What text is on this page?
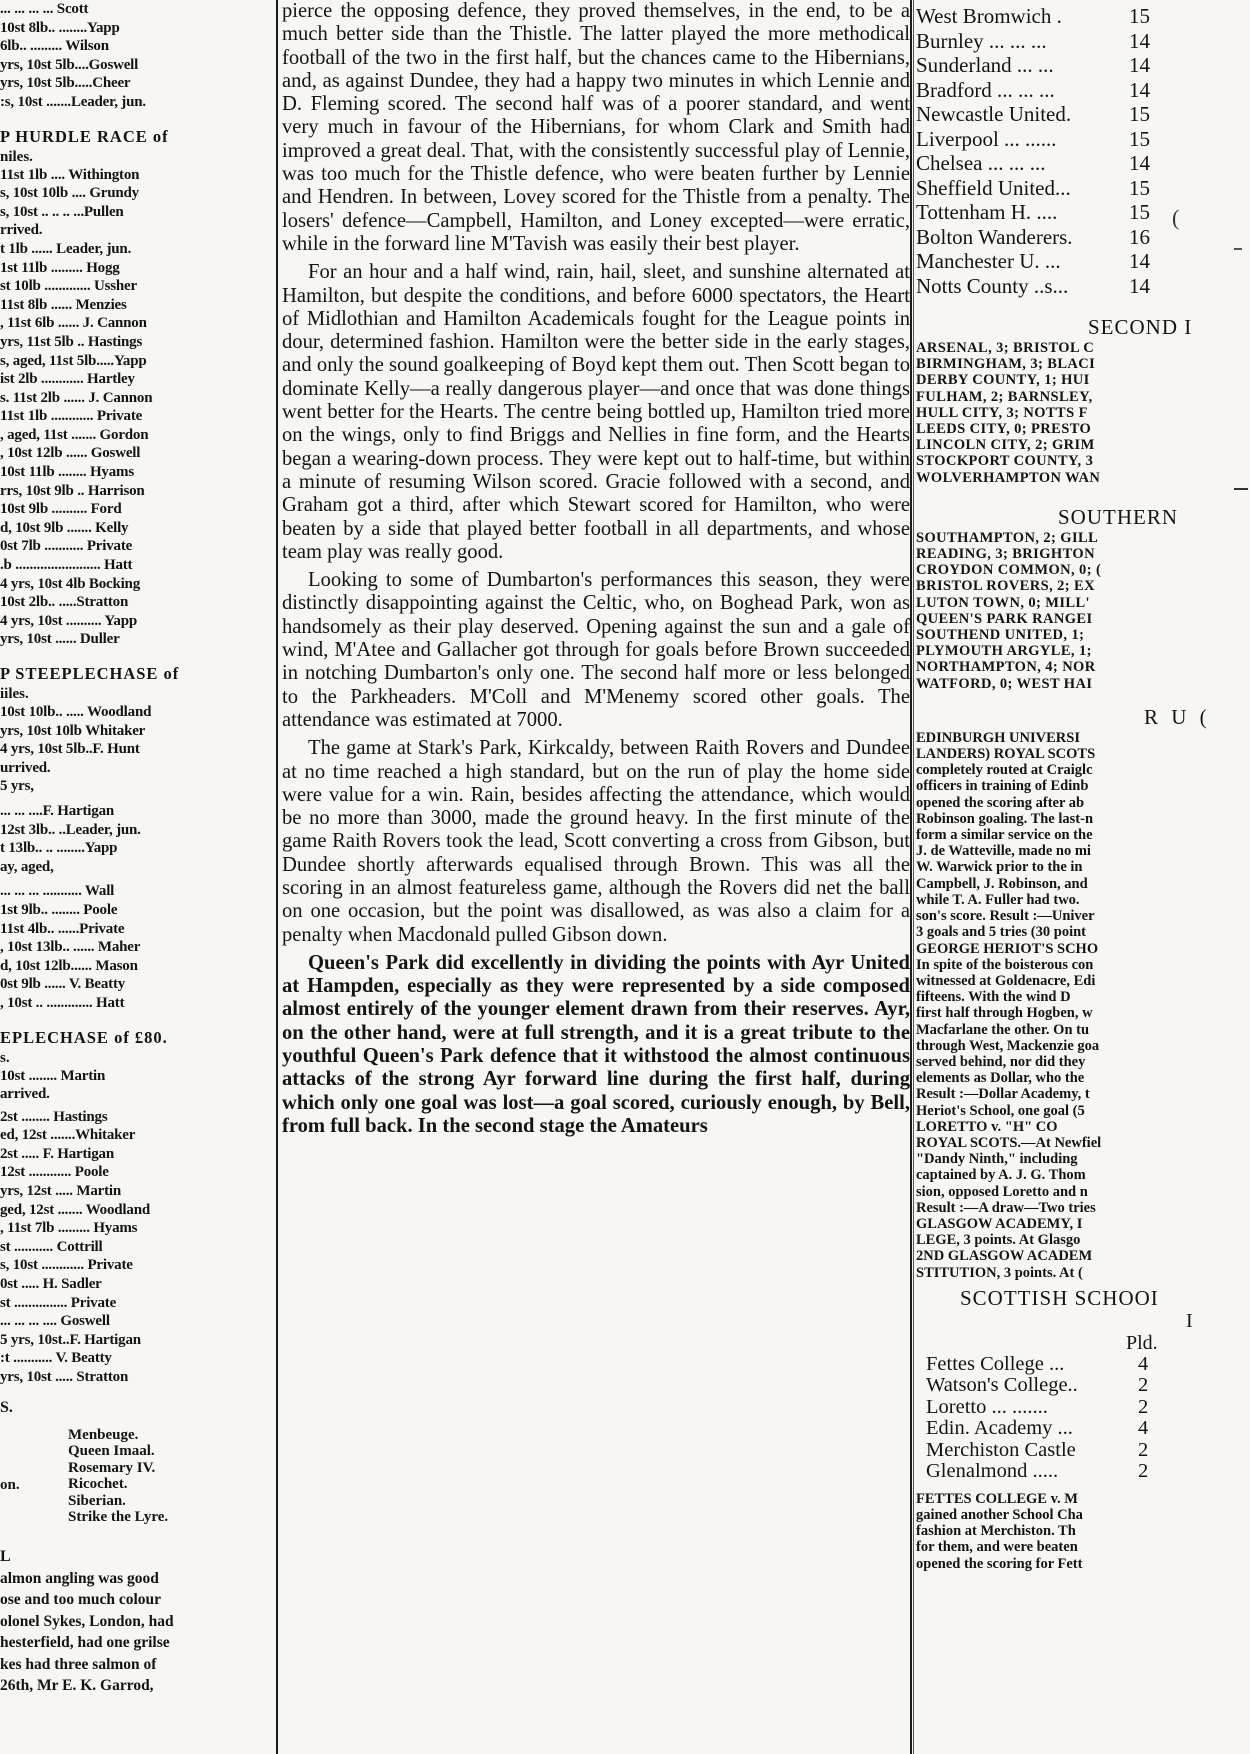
... ... ... ... Scott
10st 8lb.. ........Yapp
6lb.. ......... Wilson
yrs, 10st 5lb....Goswell
yrs, 10st 5lb.....Cheer
:s, 10st .......Leader, jun.
P HURDLE RACE of
niles.
11st 1lb .... Withington
s, 10st 10lb .... Grundy
s, 10st .. .. .. ...Pullen
rrived.
t 1lb ...... Leader, jun.
1st 11lb ......... Hogg
st 10lb ............. Ussher
11st 8lb ...... Menzies
, 11st 6lb ...... J. Cannon
yrs, 11st 5lb .. Hastings
s, aged, 11st 5lb.....Yapp
ist 2lb ............ Hartley
s. 11st 2lb ...... J. Cannon
11st 1lb ............ Private
, aged, 11st ....... Gordon
, 10st 12lb ...... Goswell
10st 11lb ........ Hyams
rrs, 10st 9lb .. Harrison
10st 9lb .......... Ford
d, 10st 9lb ....... Kelly
0st 7lb ........... Private
.b ........................ Hatt
4 yrs, 10st 4lb Bocking
10st 2lb.. .....Stratton
4 yrs, 10st .......... Yapp
yrs, 10st ...... Duller
P STEEPLECHASE of
iiles.
10st 10lb.. ..... Woodland
yrs, 10st 10lb Whitaker
4 yrs, 10st 5lb..F. Hunt
urrived.
5 yrs,
... ... ....F. Hartigan
12st 3lb.. ..Leader, jun.
t 13lb.. .. ........Yapp
ay, aged,
... ... ... ........... Wall
1st 9lb.. ........ Poole
11st 4lb.. ......Private
, 10st 13lb.. ...... Maher
d, 10st 12lb...... Mason
0st 9lb ...... V. Beatty
, 10st .. ............. Hatt
EPLECHASE of £80.
s.
10st ........ Martin
arrived.
2st ........ Hastings
ed, 12st .......Whitaker
2st ..... F. Hartigan
12st ............ Poole
yrs, 12st ..... Martin
ged, 12st ....... Woodland
, 11st 7lb ......... Hyams
st ........... Cottrill
s, 10st ............ Private
0st ..... H. Sadler
st ............... Private
... ... ... .... Goswell
5 yrs, 10st..F. Hartigan
:t ........... V. Beatty
yrs, 10st ..... Stratton
S.
Menbeuge.
Queen Imaal.
Rosemary IV.
Ricochet.
Siberian.
Strike the Lyre.
on.
L
almon angling was good
ose and too much colour
olonel Sykes, London, had
hesterfield, had one grilse
kes had three salmon of
26th, Mr E. K. Garrod,

pierce the opposing defence, they proved themselves, in the end, to be a much better side than the Thistle. The latter played the more methodical football of the two in the first half, but the chances came to the Hibernians, and, as against Dundee, they had a happy two minutes in which Lennie and D. Fleming scored. The second half was of a poorer standard, and went very much in favour of the Hibernians, for whom Clark and Smith had improved a great deal. That, with the consistently successful play of Lennie, was too much for the Thistle defence, who were beaten further by Lennie and Hendren. In between, Lovey scored for the Thistle from a penalty. The losers' defence—Campbell, Hamilton, and Loney excepted—were erratic, while in the forward line M'Tavish was easily their best player.

For an hour and a half wind, rain, hail, sleet, and sunshine alternated at Hamilton, but despite the conditions, and before 6000 spectators, the Heart of Midlothian and Hamilton Academicals fought for the League points in dour, determined fashion. Hamilton were the better side in the early stages, and only the sound goalkeeping of Boyd kept them out. Then Scott began to dominate Kelly—a really dangerous player—and once that was done things went better for the Hearts. The centre being bottled up, Hamilton tried more on the wings, only to find Briggs and Nellies in fine form, and the Hearts began a wearing-down process. They were kept out to half-time, but within a minute of resuming Wilson scored. Gracie followed with a second, and Graham got a third, after which Stewart scored for Hamilton, who were beaten by a side that played better football in all departments, and whose team play was really good.

Looking to some of Dumbarton's performances this season, they were distinctly disappointing against the Celtic, who, on Boghead Park, won as handsomely as their play deserved. Opening against the sun and a gale of wind, M'Atee and Gallacher got through for goals before Brown succeeded in notching Dumbarton's only one. The second half more or less belonged to the Parkheaders. M'Coll and M'Menemy scored other goals. The attendance was estimated at 7000.

The game at Stark's Park, Kirkcaldy, between Raith Rovers and Dundee at no time reached a high standard, but on the run of play the home side were value for a win. Rain, besides affecting the attendance, which would be no more than 3000, made the ground heavy. In the first minute of the game Raith Rovers took the lead, Scott converting a cross from Gibson, but Dundee shortly afterwards equalised through Brown. This was all the scoring in an almost featureless game, although the Rovers did net the ball on one occasion, but the point was disallowed, as was also a claim for a penalty when Macdonald pulled Gibson down.

Queen's Park did excellently in dividing the points with Ayr United at Hampden, especially as they were represented by a side composed almost entirely of the younger element drawn from their reserves. Ayr, on the other hand, were at full strength, and it is a great tribute to the youthful Queen's Park defence that it withstood the almost continuous attacks of the strong Ayr forward line during the first half, during which only one goal was lost—a goal scored, curiously enough, by Bell, from full back. In the second stage the Amateurs

West Bromwich .	15
Burnley ... ... ...	14
Sunderland ... ...	14
Bradford ... ... ...	14
Newcastle United.	15
Liverpool ... ......	15
Chelsea ... ... ...	14
Sheffield United...	15
Tottenham H. ....	15
Bolton Wanderers.	16
Manchester U. ...	14
Notts County ..s...	14
SECOND I
ARSENAL, 3; BRISTOL C
BIRMINGHAM, 3; BLACI
DERBY COUNTY, 1; HUI
FULHAM, 2; BARNSLEY,
HULL CITY, 3; NOTTS F
LEEDS CITY, 0; PRESTO
LINCOLN CITY, 2; GRIM
STOCKPORT COUNTY, 3
WOLVERHAMPTON WAN
SOUTHERN
SOUTHAMPTON, 2; GILL
READING, 3; BRIGHTON
CROYDON COMMON, 0; (
BRISTOL ROVERS, 2; EX
LUTON TOWN, 0; MILL'
QUEEN'S PARK RANGEI
SOUTHEND UNITED, 1;
PLYMOUTH ARGYLE, 1;
NORTHAMPTON, 4; NOR
WATFORD, 0; WEST HAI
R U (
EDINBURGH UNIVERSI
LANDERS) ROYAL SCOTS
completely routed at Craiglc
officers in training of Edinb
opened the scoring after ab
Robinson goaling. The last-n
form a similar service on the
J. de Watteville, made no mi
W. Warwick prior to the in
Campbell, J. Robinson, and
while T. A. Fuller had two.
son's score. Result :—Univer
3 goals and 5 tries (30 point
GEORGE HERIOT'S SCHO
In spite of the boisterous con
witnessed at Goldenacre, Edi
fifteens. With the wind D
first half through Hogben, w
Macfarlane the other. On tu
through West, Mackenzie goa
served behind, nor did they
elements as Dollar, who the
Result :—Dollar Academy, t
Heriot's School, one goal (5
LORETTO v. "H" CO
ROYAL SCOTS.—At Newfiel
"Dandy Ninth," including
captained by A. J. G. Thom
sion, opposed Loretto and n
Result :—A draw—Two tries
GLASGOW ACADEMY, I
LEGE, 3 points. At Glasgo
2ND GLASGOW ACADEM
STITUTION, 3 points. At (
SCOTTISH SCHOOI
I
Pld.
Fettes College ...	4
Watson's College..	2
Loretto ... .......	2
Edin. Academy ...	4
Merchiston Castle	2
Glenalmond .....	2
FETTES COLLEGE v. M
gained another School Cha
fashion at Merchiston. Th
for them, and were beaten
opened the scoring for Fett
(
